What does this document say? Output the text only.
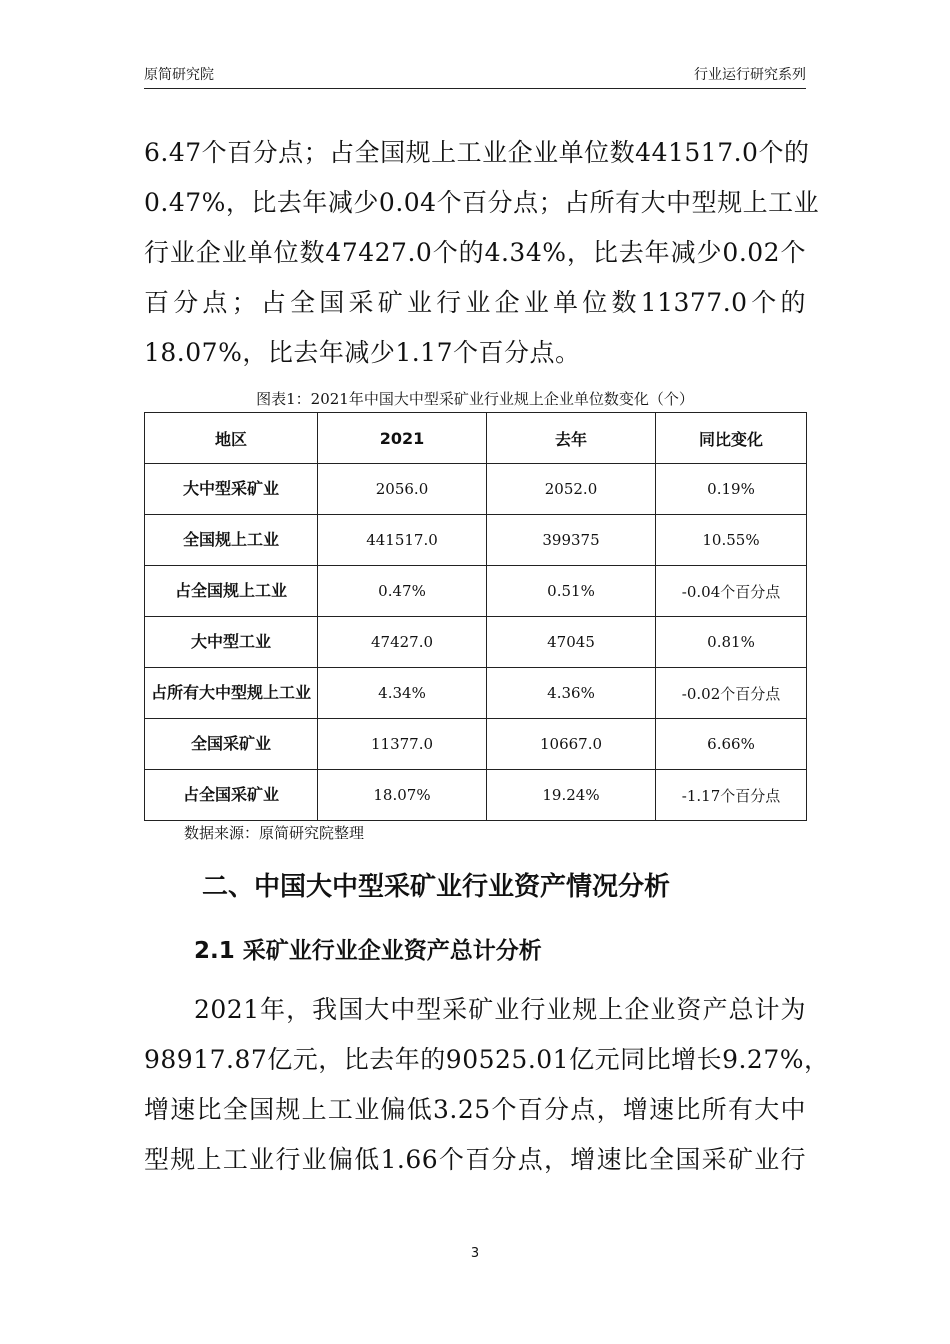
原简研究院	行业运行研究系列
6.47个百分点；占全国规上工业企业单位数441517.0个的
0.47%，比去年减少0.04个百分点；占所有大中型规上工业
行业企业单位数47427.0个的4.34%，比去年减少0.02个
百分点；占全国采矿业行业企业单位数11377.0个的
18.07%，比去年减少1.17个百分点。
图表1：2021年中国大中型采矿业行业规上企业单位数变化（个）
地区	2021	去年	同比变化
大中型采矿业	2056.0	2052.0	0.19%
全国规上工业	441517.0	399375	10.55%
占全国规上工业	0.47%	0.51%	-0.04个百分点
大中型工业	47427.0	47045	0.81%
占所有大中型规上工业	4.34%	4.36%	-0.02个百分点
全国采矿业	11377.0	10667.0	6.66%
占全国采矿业	18.07%	19.24%	-1.17个百分点
数据来源：原简研究院整理
二、中国大中型采矿业行业资产情况分析
2.1 采矿业行业企业资产总计分析
2021年，我国大中型采矿业行业规上企业资产总计为
98917.87亿元，比去年的90525.01亿元同比增长9.27%，
增速比全国规上工业偏低3.25个百分点，增速比所有大中
型规上工业行业偏低1.66个百分点，增速比全国采矿业行
3
